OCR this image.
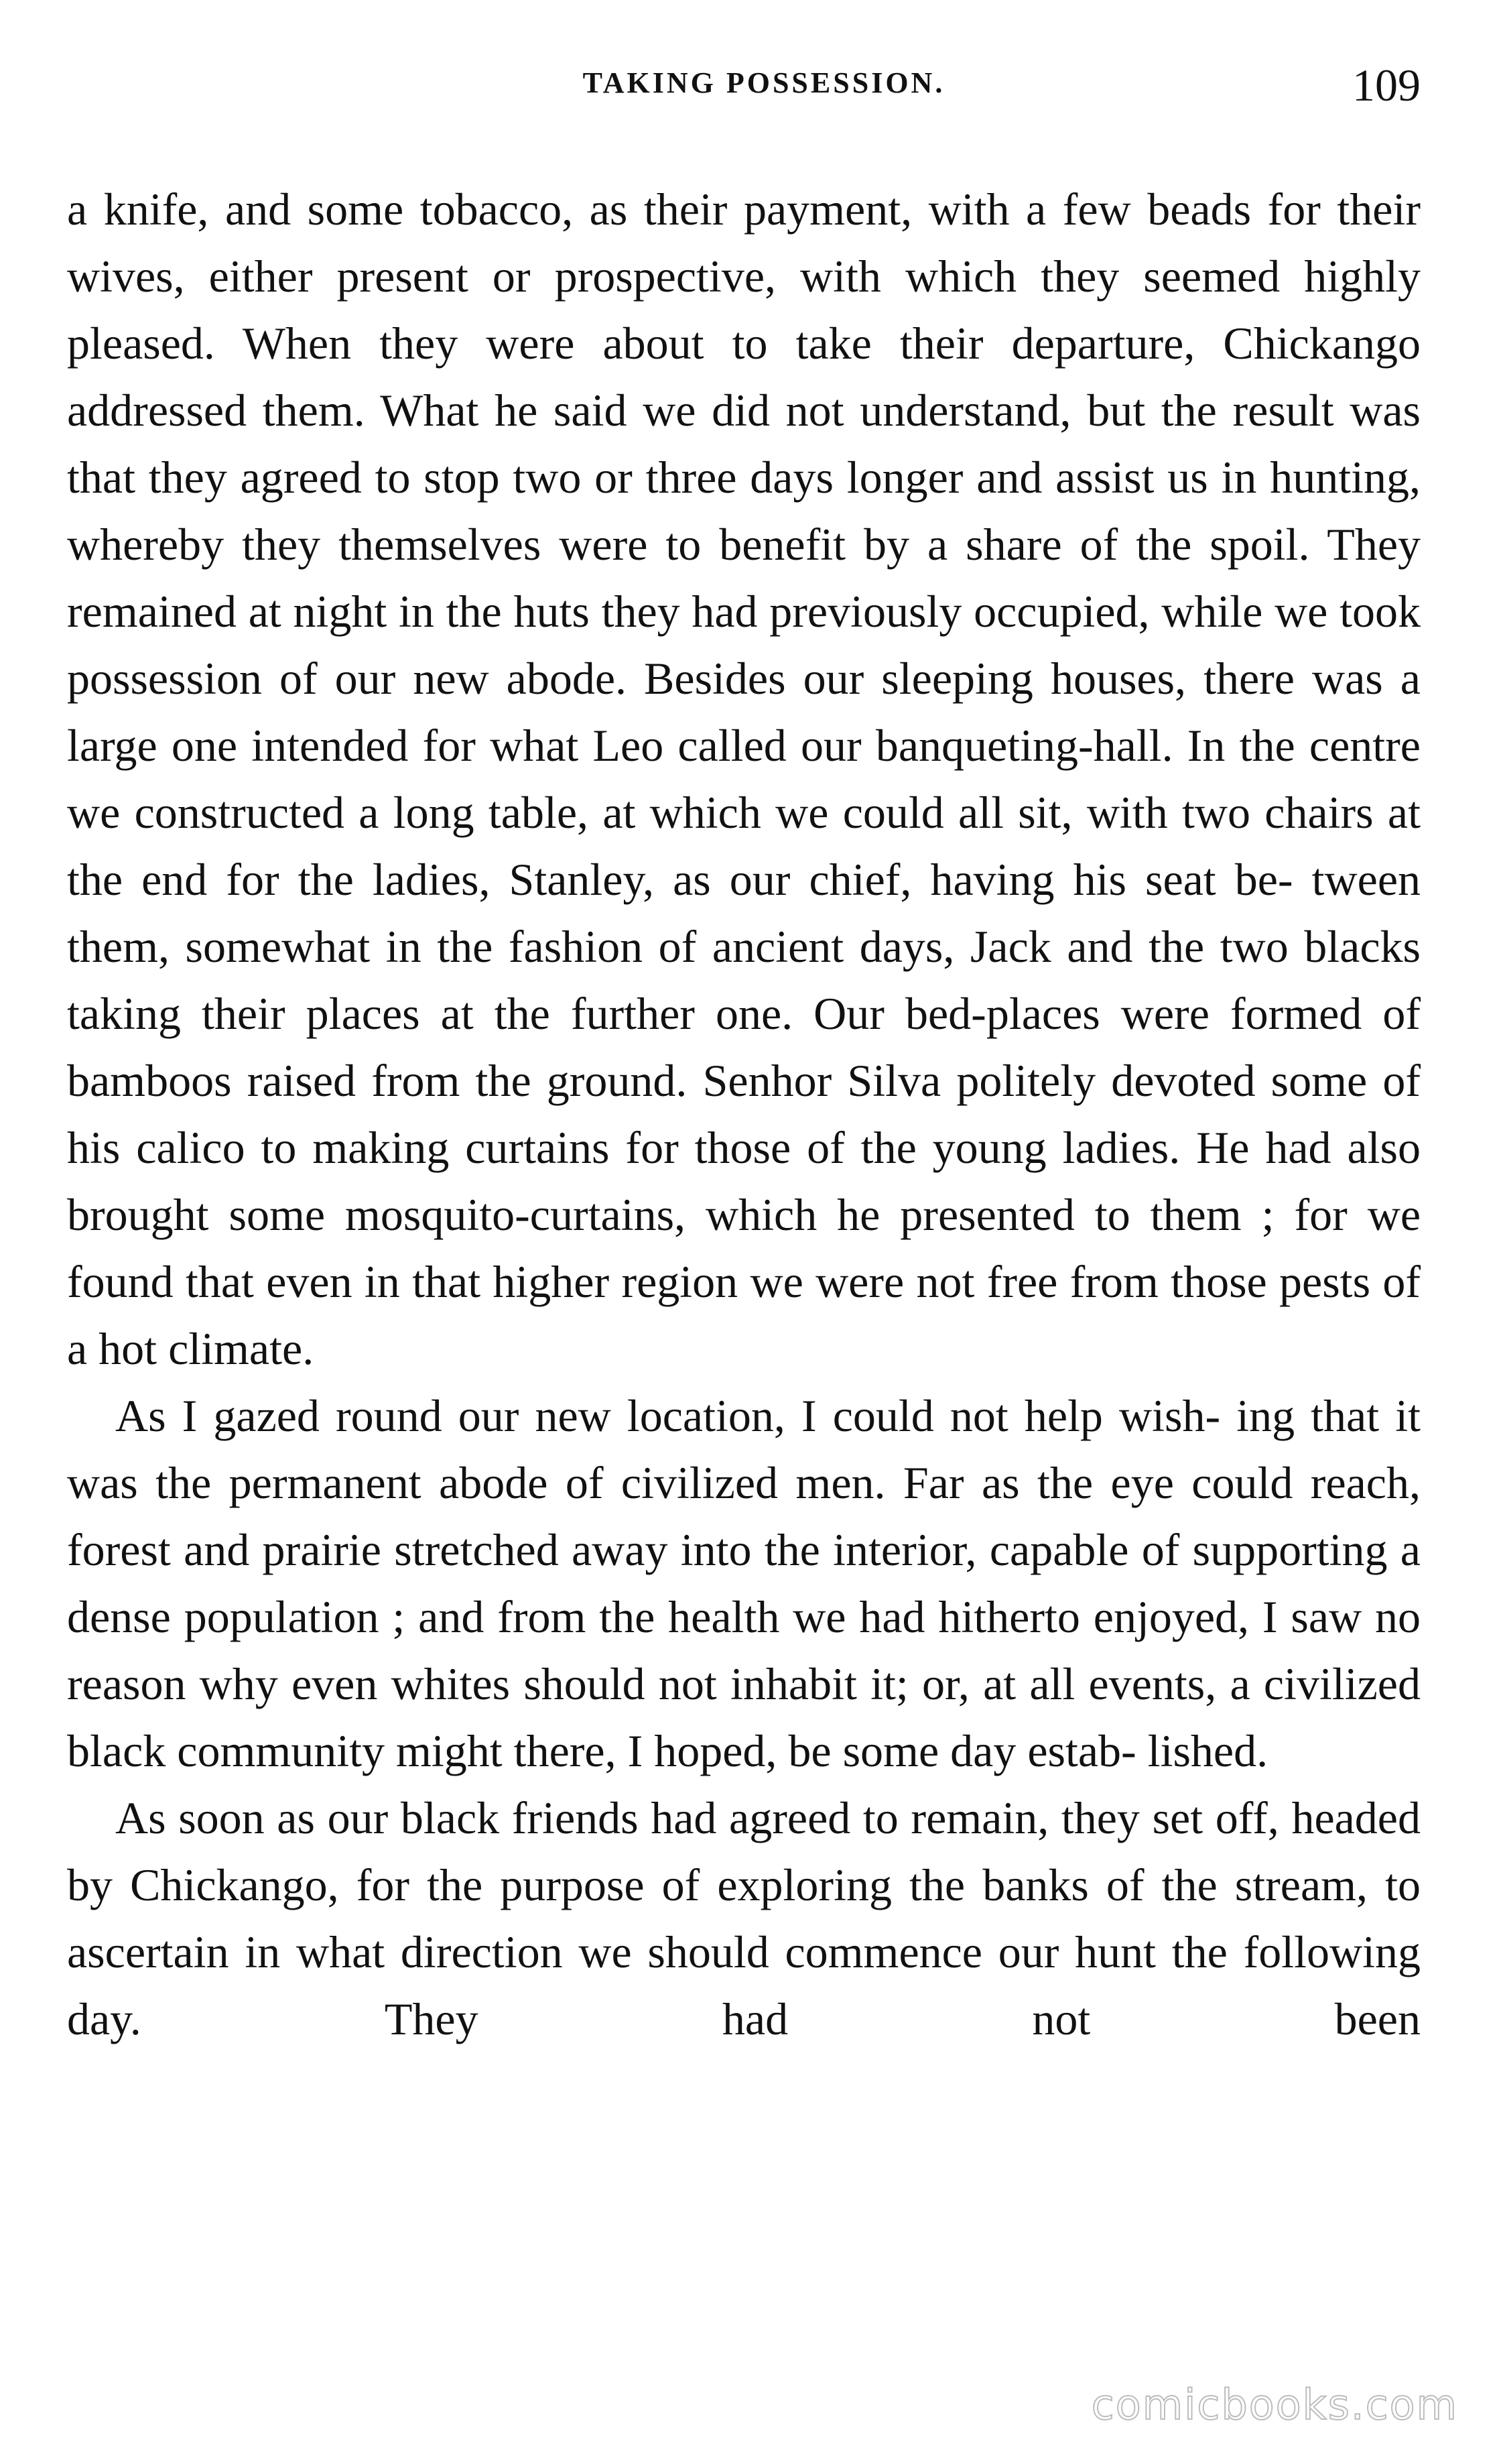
TAKING POSSESSION.	109

a knife, and some tobacco, as their payment, with a few beads for their wives, either present or prospective, with which they seemed highly pleased. When they were about to take their departure, Chickango addressed them. What he said we did not understand, but the result was that they agreed to stop two or three days longer and assist us in hunting, whereby they themselves were to benefit by a share of the spoil. They remained at night in the huts they had previously occupied, while we took possession of our new abode. Besides our sleeping houses, there was a large one intended for what Leo called our banqueting-hall. In the centre we constructed a long table, at which we could all sit, with two chairs at the end for the ladies, Stanley, as our chief, having his seat be- tween them, somewhat in the fashion of ancient days, Jack and the two blacks taking their places at the further one. Our bed-places were formed of bamboos raised from the ground. Senhor Silva politely devoted some of his calico to making curtains for those of the young ladies. He had also brought some mosquito-curtains, which he presented to them ; for we found that even in that higher region we were not free from those pests of a hot climate.

As I gazed round our new location, I could not help wish- ing that it was the permanent abode of civilized men. Far as the eye could reach, forest and prairie stretched away into the interior, capable of supporting a dense population ; and from the health we had hitherto enjoyed, I saw no reason why even whites should not inhabit it; or, at all events, a civilized black community might there, I hoped, be some day estab- lished.

As soon as our black friends had agreed to remain, they set off, headed by Chickango, for the purpose of exploring the banks of the stream, to ascertain in what direction we should commence our hunt the following day. They had not been

comicbooks.com
